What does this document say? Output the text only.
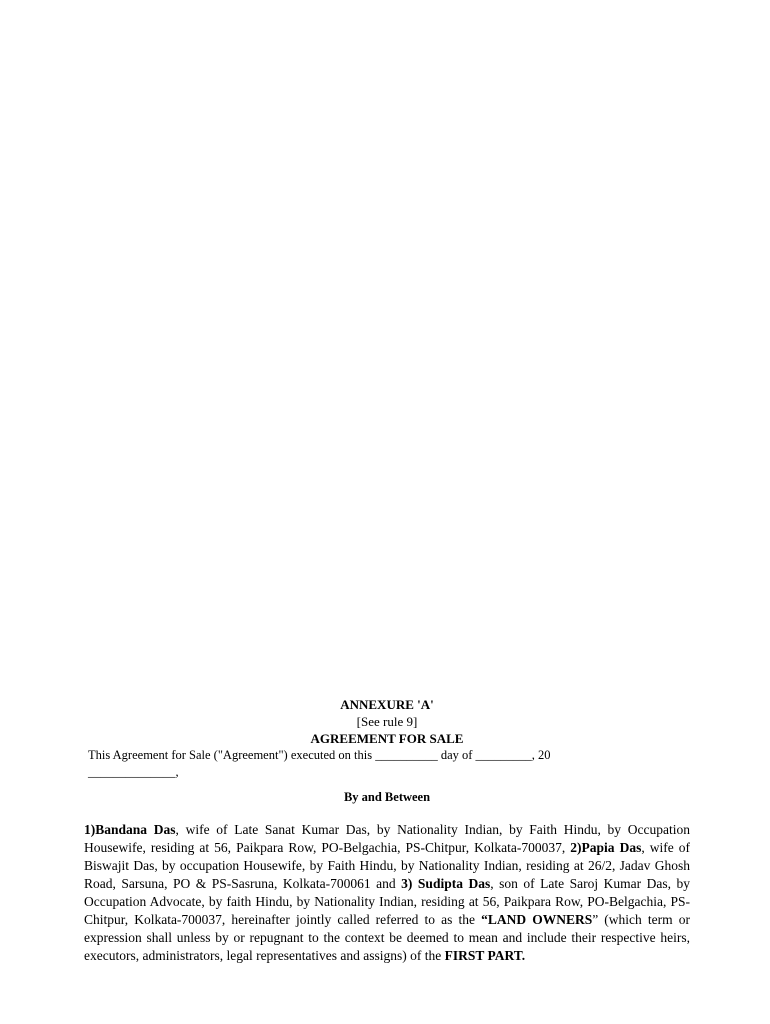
ANNEXURE 'A'
[See rule 9]
AGREEMENT FOR SALE

This Agreement for Sale ("Agreement") executed on this __________ day of _________, 20
______________,

By and Between
1)Bandana Das, wife of Late Sanat Kumar Das, by Nationality Indian, by Faith Hindu, by Occupation Housewife, residing at 56, Paikpara Row, PO-Belgachia, PS-Chitpur, Kolkata-700037, 2)Papia Das, wife of Biswajit Das, by occupation Housewife, by Faith Hindu, by Nationality Indian, residing at 26/2, Jadav Ghosh Road, Sarsuna, PO & PS-Sasruna, Kolkata-700061 and 3) Sudipta Das, son of Late Saroj Kumar Das, by Occupation Advocate, by faith Hindu, by Nationality Indian, residing at 56, Paikpara Row, PO-Belgachia, PS-Chitpur, Kolkata-700037, hereinafter jointly called referred to as the “LAND OWNERS” (which term or expression shall unless by or repugnant to the context be deemed to mean and include their respective heirs, executors, administrators, legal representatives and assigns) of the FIRST PART.
